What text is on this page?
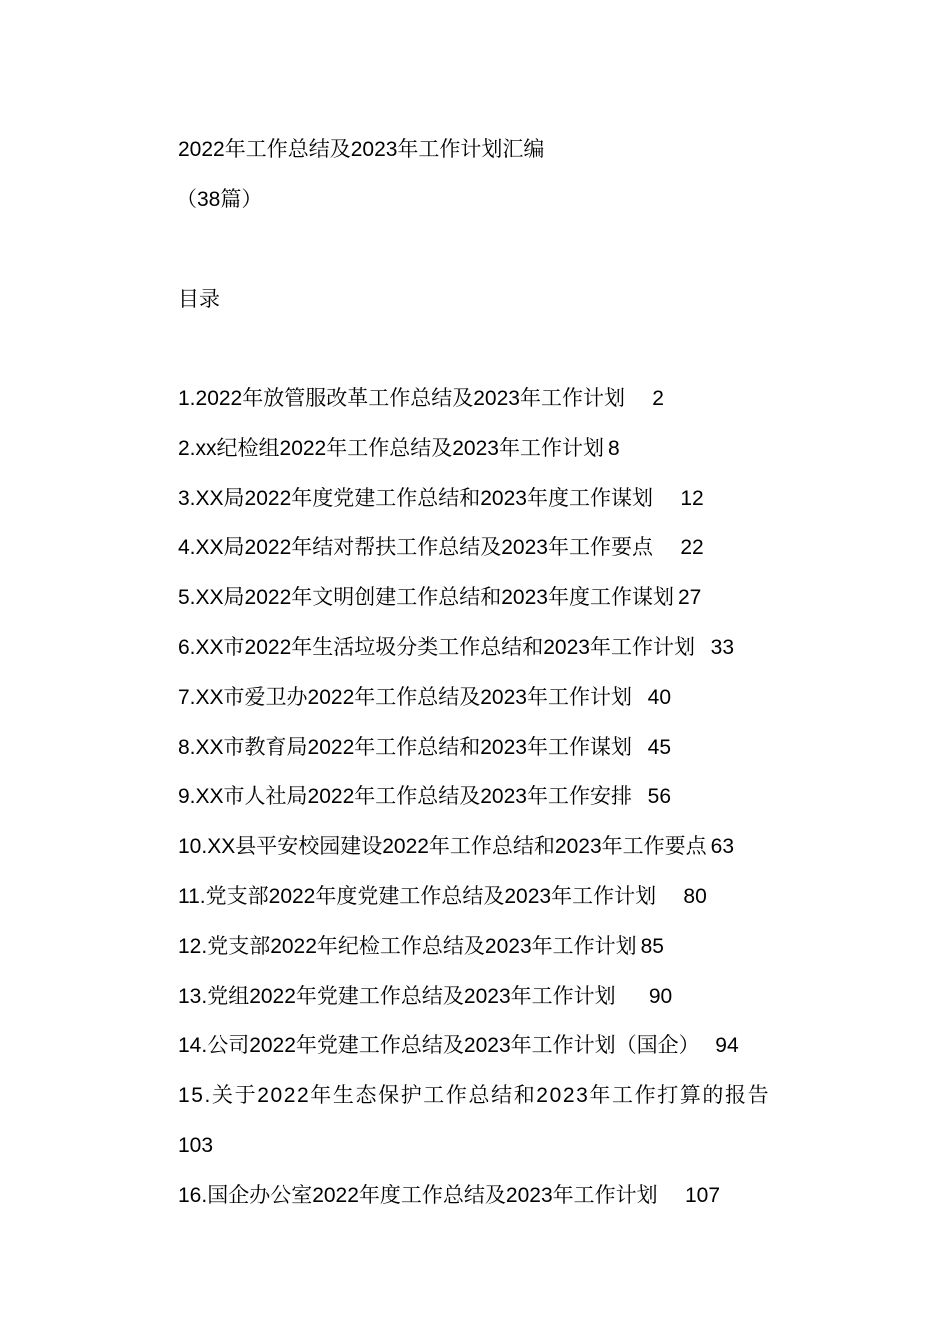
2022年工作总结及2023年工作计划汇编
（38篇）
目录
1.2022年放管服改革工作总结及2023年工作计划 2
2.xx纪检组2022年工作总结及2023年工作计划 8
3.XX局2022年度党建工作总结和2023年度工作谋划 12
4.XX局2022年结对帮扶工作总结及2023年工作要点 22
5.XX局2022年文明创建工作总结和2023年度工作谋划 27
6.XX市2022年生活垃圾分类工作总结和2023年工作计划 33
7.XX市爱卫办2022年工作总结及2023年工作计划 40
8.XX市教育局2022年工作总结和2023年工作谋划 45
9.XX市人社局2022年工作总结及2023年工作安排 56
10.XX县平安校园建设2022年工作总结和2023年工作要点 63
11.党支部2022年度党建工作总结及2023年工作计划 80
12.党支部2022年纪检工作总结及2023年工作计划 85
13.党组2022年党建工作总结及2023年工作计划 90
14.公司2022年党建工作总结及2023年工作计划（国企） 94
15.关于2022年生态保护工作总结和2023年工作打算的报告
103
16.国企办公室2022年度工作总结及2023年工作计划 107
